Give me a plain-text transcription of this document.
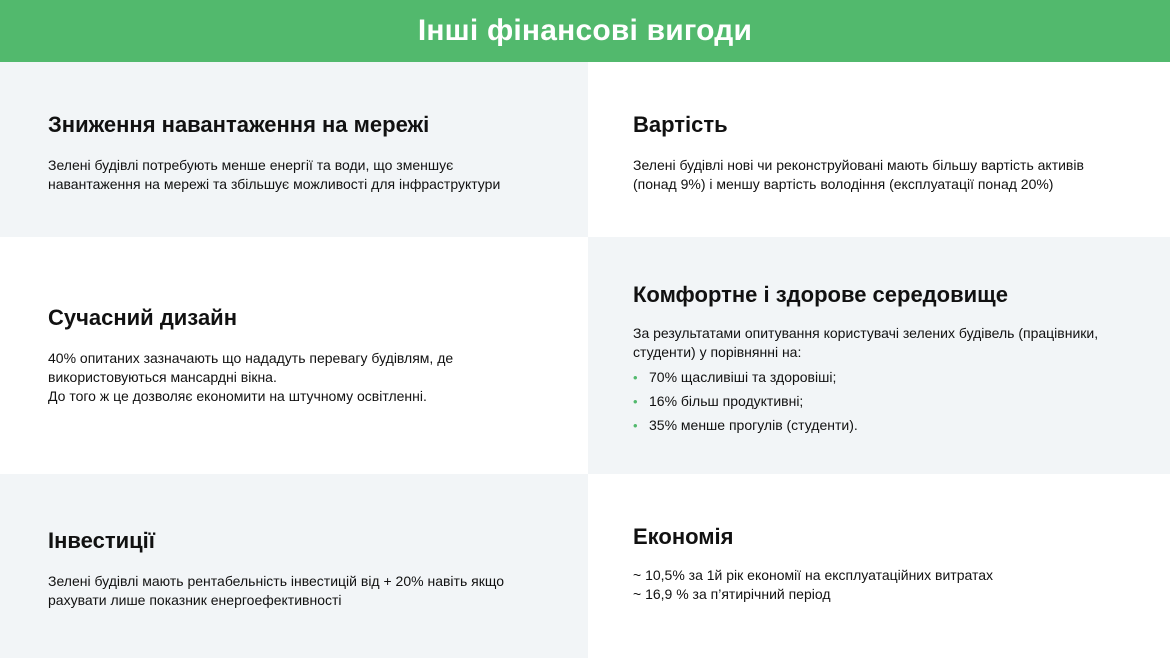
Інші фінансові вигоди
Зниження навантаження на мережі

Зелені будівлі потребують менше енергії та води, що зменшує

навантаження на мережі та збільшує можливості для інфраструктури

Вартість

Зелені будівлі нові чи реконструйовані мають більшу вартість активів

(понад 9%) і меншу вартість володіння (експлуатації понад 20%)

Сучасний дизайн

40% опитаних зазначають що нададуть перевагу будівлям, де

використовуються мансардні вікна.

До того ж це дозволяє економити на штучному освітленні.

Комфортне і здорове середовище

За результатами опитування користувачі зелених будівель (працівники,

студенти) у порівнянні на:

• 70% щасливіші та здоровіші;
• 16% більш продуктивні;
• 35% менше прогулів (студенти).
Інвестиції

Зелені будівлі мають рентабельність інвестицій від + 20% навіть якщо

рахувати лише показник енергоефективності

Економія

~ 10,5% за 1й рік економії на експлуатаційних витратах

~ 16,9 % за п’ятирічний період
